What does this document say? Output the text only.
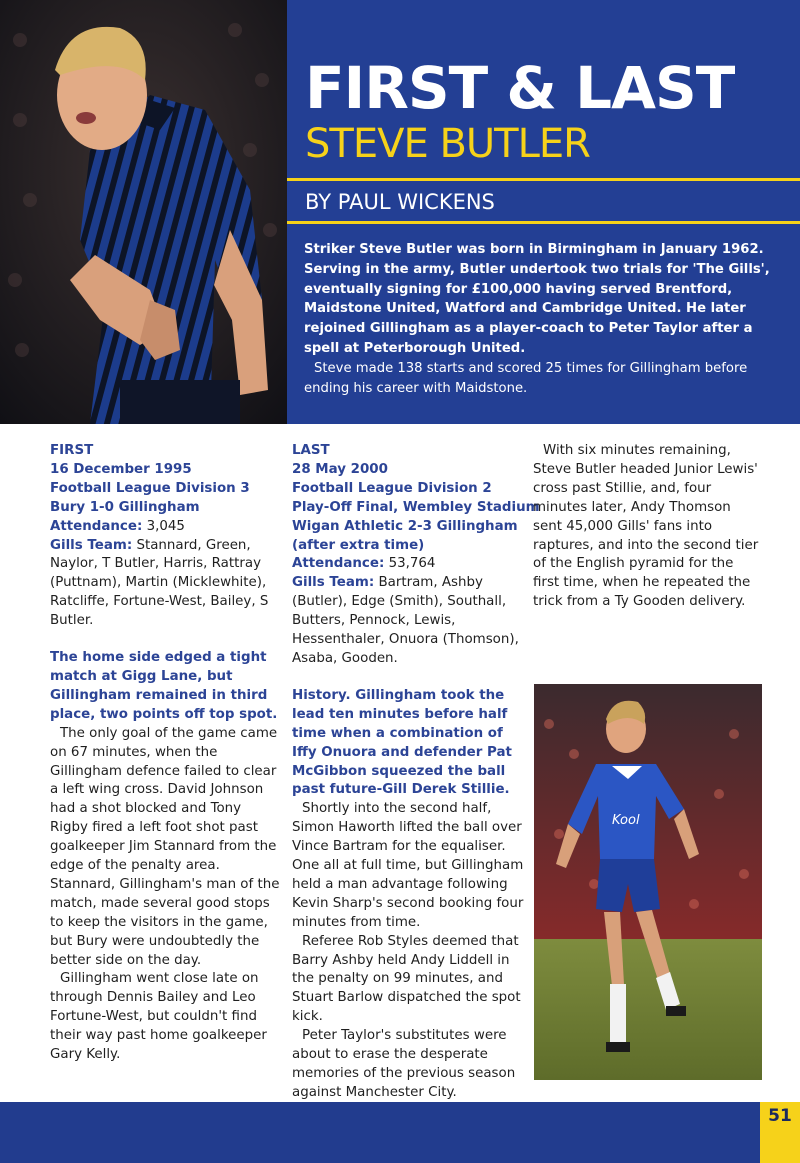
FIRST & LAST
STEVE BUTLER
BY PAUL WICKENS

Striker Steve Butler was born in Birmingham in January 1962. Serving in the army, Butler undertook two trials for 'The Gills', eventually signing for £100,000 having served Brentford, Maidstone United, Watford and Cambridge United. He later rejoined Gillingham as a player-coach to Peter Taylor after a spell at Peterborough United.

Steve made 138 starts and scored 25 times for Gillingham before ending his career with Maidstone.

FIRST
16 December 1995
Football League Division 3
Bury 1-0 Gillingham
Attendance: 3,045
Gills Team: Stannard, Green, Naylor, T Butler, Harris, Rattray (Puttnam), Martin (Micklewhite), Ratcliffe, Fortune-West, Bailey, S Butler.

The home side edged a tight match at Gigg Lane, but Gillingham remained in third place, two points off top spot.

The only goal of the game came on 67 minutes, when the Gillingham defence failed to clear a left wing cross. David Johnson had a shot blocked and Tony Rigby fired a left foot shot past goalkeeper Jim Stannard from the edge of the penalty area. Stannard, Gillingham's man of the match, made several good stops to keep the visitors in the game, but Bury were undoubtedly the better side on the day.

Gillingham went close late on through Dennis Bailey and Leo Fortune-West, but couldn't find their way past home goalkeeper Gary Kelly.

LAST
28 May 2000
Football League Division 2
Play-Off Final, Wembley Stadium
Wigan Athletic 2-3 Gillingham
(after extra time)
Attendance: 53,764
Gills Team: Bartram, Ashby (Butler), Edge (Smith), Southall, Butters, Pennock, Lewis, Hessenthaler, Onuora (Thomson), Asaba, Gooden.

History. Gillingham took the lead ten minutes before half time when a combination of Iffy Onuora and defender Pat McGibbon squeezed the ball past future-Gill Derek Stillie.

Shortly into the second half, Simon Haworth lifted the ball over Vince Bartram for the equaliser. One all at full time, but Gillingham held a man advantage following Kevin Sharp's second booking four minutes from time.

Referee Rob Styles deemed that Barry Ashby held Andy Liddell in the penalty on 99 minutes, and Stuart Barlow dispatched the spot kick.

Peter Taylor's substitutes were about to erase the desperate memories of the previous season against Manchester City.

With six minutes remaining, Steve Butler headed Junior Lewis' cross past Stillie, and, four minutes later, Andy Thomson sent 45,000 Gills' fans into raptures, and into the second tier of the English pyramid for the first time, when he repeated the trick from a Ty Gooden delivery.

Kool
51
